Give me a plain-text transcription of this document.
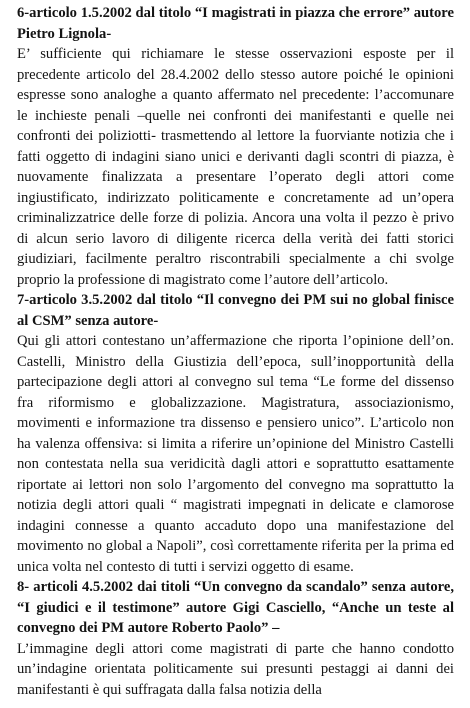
6-articolo 1.5.2002 dal titolo “I magistrati in piazza che errore” autore Pietro Lignola-

E’ sufficiente qui richiamare le stesse osservazioni esposte per il precedente articolo del 28.4.2002 dello stesso autore poiché le opinioni espresse sono analoghe a quanto affermato nel precedente: l’accomunare le inchieste penali –quelle nei confronti dei manifestanti e quelle nei confronti dei poliziotti- trasmettendo al lettore la fuorviante notizia che i fatti oggetto di indagini siano unici e derivanti dagli scontri di piazza, è nuovamente finalizzata a presentare l’operato degli attori come ingiustificato, indirizzato politicamente e concretamente ad un’opera criminalizzatrice delle forze di polizia. Ancora una volta il pezzo è privo di alcun serio lavoro di diligente ricerca della verità dei fatti storici giudiziari, facilmente peraltro riscontrabili specialmente a chi svolge proprio la professione di magistrato come l’autore dell’articolo.

7-articolo 3.5.2002 dal titolo “Il convegno dei PM sui no global finisce al CSM” senza autore-

Qui gli attori contestano un’affermazione che riporta l’opinione dell’on. Castelli, Ministro della Giustizia dell’epoca, sull’inopportunità della partecipazione degli attori al convegno sul tema “Le forme del dissenso fra riformismo e globalizzazione. Magistratura, associazionismo, movimenti e informazione tra dissenso e pensiero unico”. L’articolo non ha valenza offensiva: si limita a riferire un’opinione del Ministro Castelli non contestata nella sua veridicità dagli attori e soprattutto esattamente riportate ai lettori non solo l’argomento del convegno ma soprattutto la notizia degli attori quali “ magistrati impegnati in delicate e clamorose indagini connesse a quanto accaduto dopo una manifestazione del movimento no global a Napoli”, così correttamente riferita per la prima ed unica volta nel contesto di tutti i servizi oggetto di esame.

8- articoli 4.5.2002 dai titoli “Un convegno da scandalo” senza autore, “I giudici e il testimone” autore Gigi Casciello, “Anche un teste al convegno dei PM autore Roberto Paolo” –

L’immagine degli attori come magistrati di parte che hanno condotto un’indagine orientata politicamente sui presunti pestaggi ai danni dei manifestanti è qui suffragata dalla falsa notizia della
